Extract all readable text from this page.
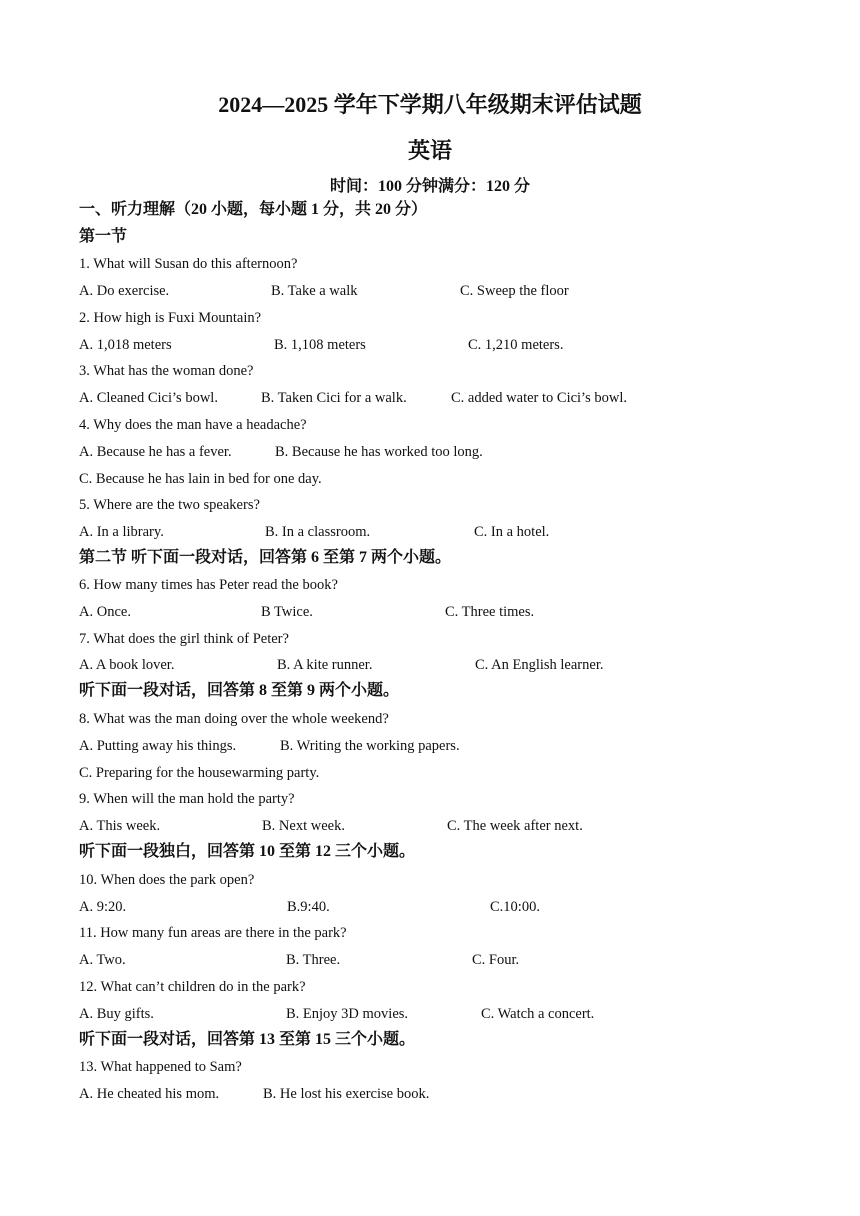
2024—2025 学年下学期八年级期末评估试题
英语
时间：100 分钟满分：120 分
一、听力理解（20 小题，每小题 1 分，共 20 分）
第一节
1. What will Susan do this afternoon?
A. Do exercise.	B. Take a walk	C. Sweep the floor
2. How high is Fuxi Mountain?
A. 1,018 meters	B. 1,108 meters	C. 1,210 meters.
3. What has the woman done?
A. Cleaned Cici’s bowl.	B. Taken Cici for a walk.	C. added water to Cici’s bowl.
4. Why does the man have a headache?
A. Because he has a fever.	B. Because he has worked too long.
C. Because he has lain in bed for one day.
5. Where are the two speakers?
A. In a library.	B. In a classroom.	C. In a hotel.
第二节 听下面一段对话，回答第 6 至第 7 两个小题。
6. How many times has Peter read the book?
A. Once.	B Twice.	C. Three times.
7. What does the girl think of Peter?
A. A book lover.	B. A kite runner.	C. An English learner.
听下面一段对话，回答第 8 至第 9 两个小题。
8. What was the man doing over the whole weekend?
A. Putting away his things.	B. Writing the working papers.
C. Preparing for the housewarming party.
9. When will the man hold the party?
A. This week.	B. Next week.	C. The week after next.
听下面一段独白，回答第 10 至第 12 三个小题。
10. When does the park open?
A. 9:20.	B.9:40.	C.10:00.
11. How many fun areas are there in the park?
A. Two.	B. Three.	C. Four.
12. What can’t children do in the park?
A. Buy gifts.	B. Enjoy 3D movies.	C. Watch a concert.
听下面一段对话，回答第 13 至第 15 三个小题。
13. What happened to Sam?
A. He cheated his mom.	B. He lost his exercise book.
